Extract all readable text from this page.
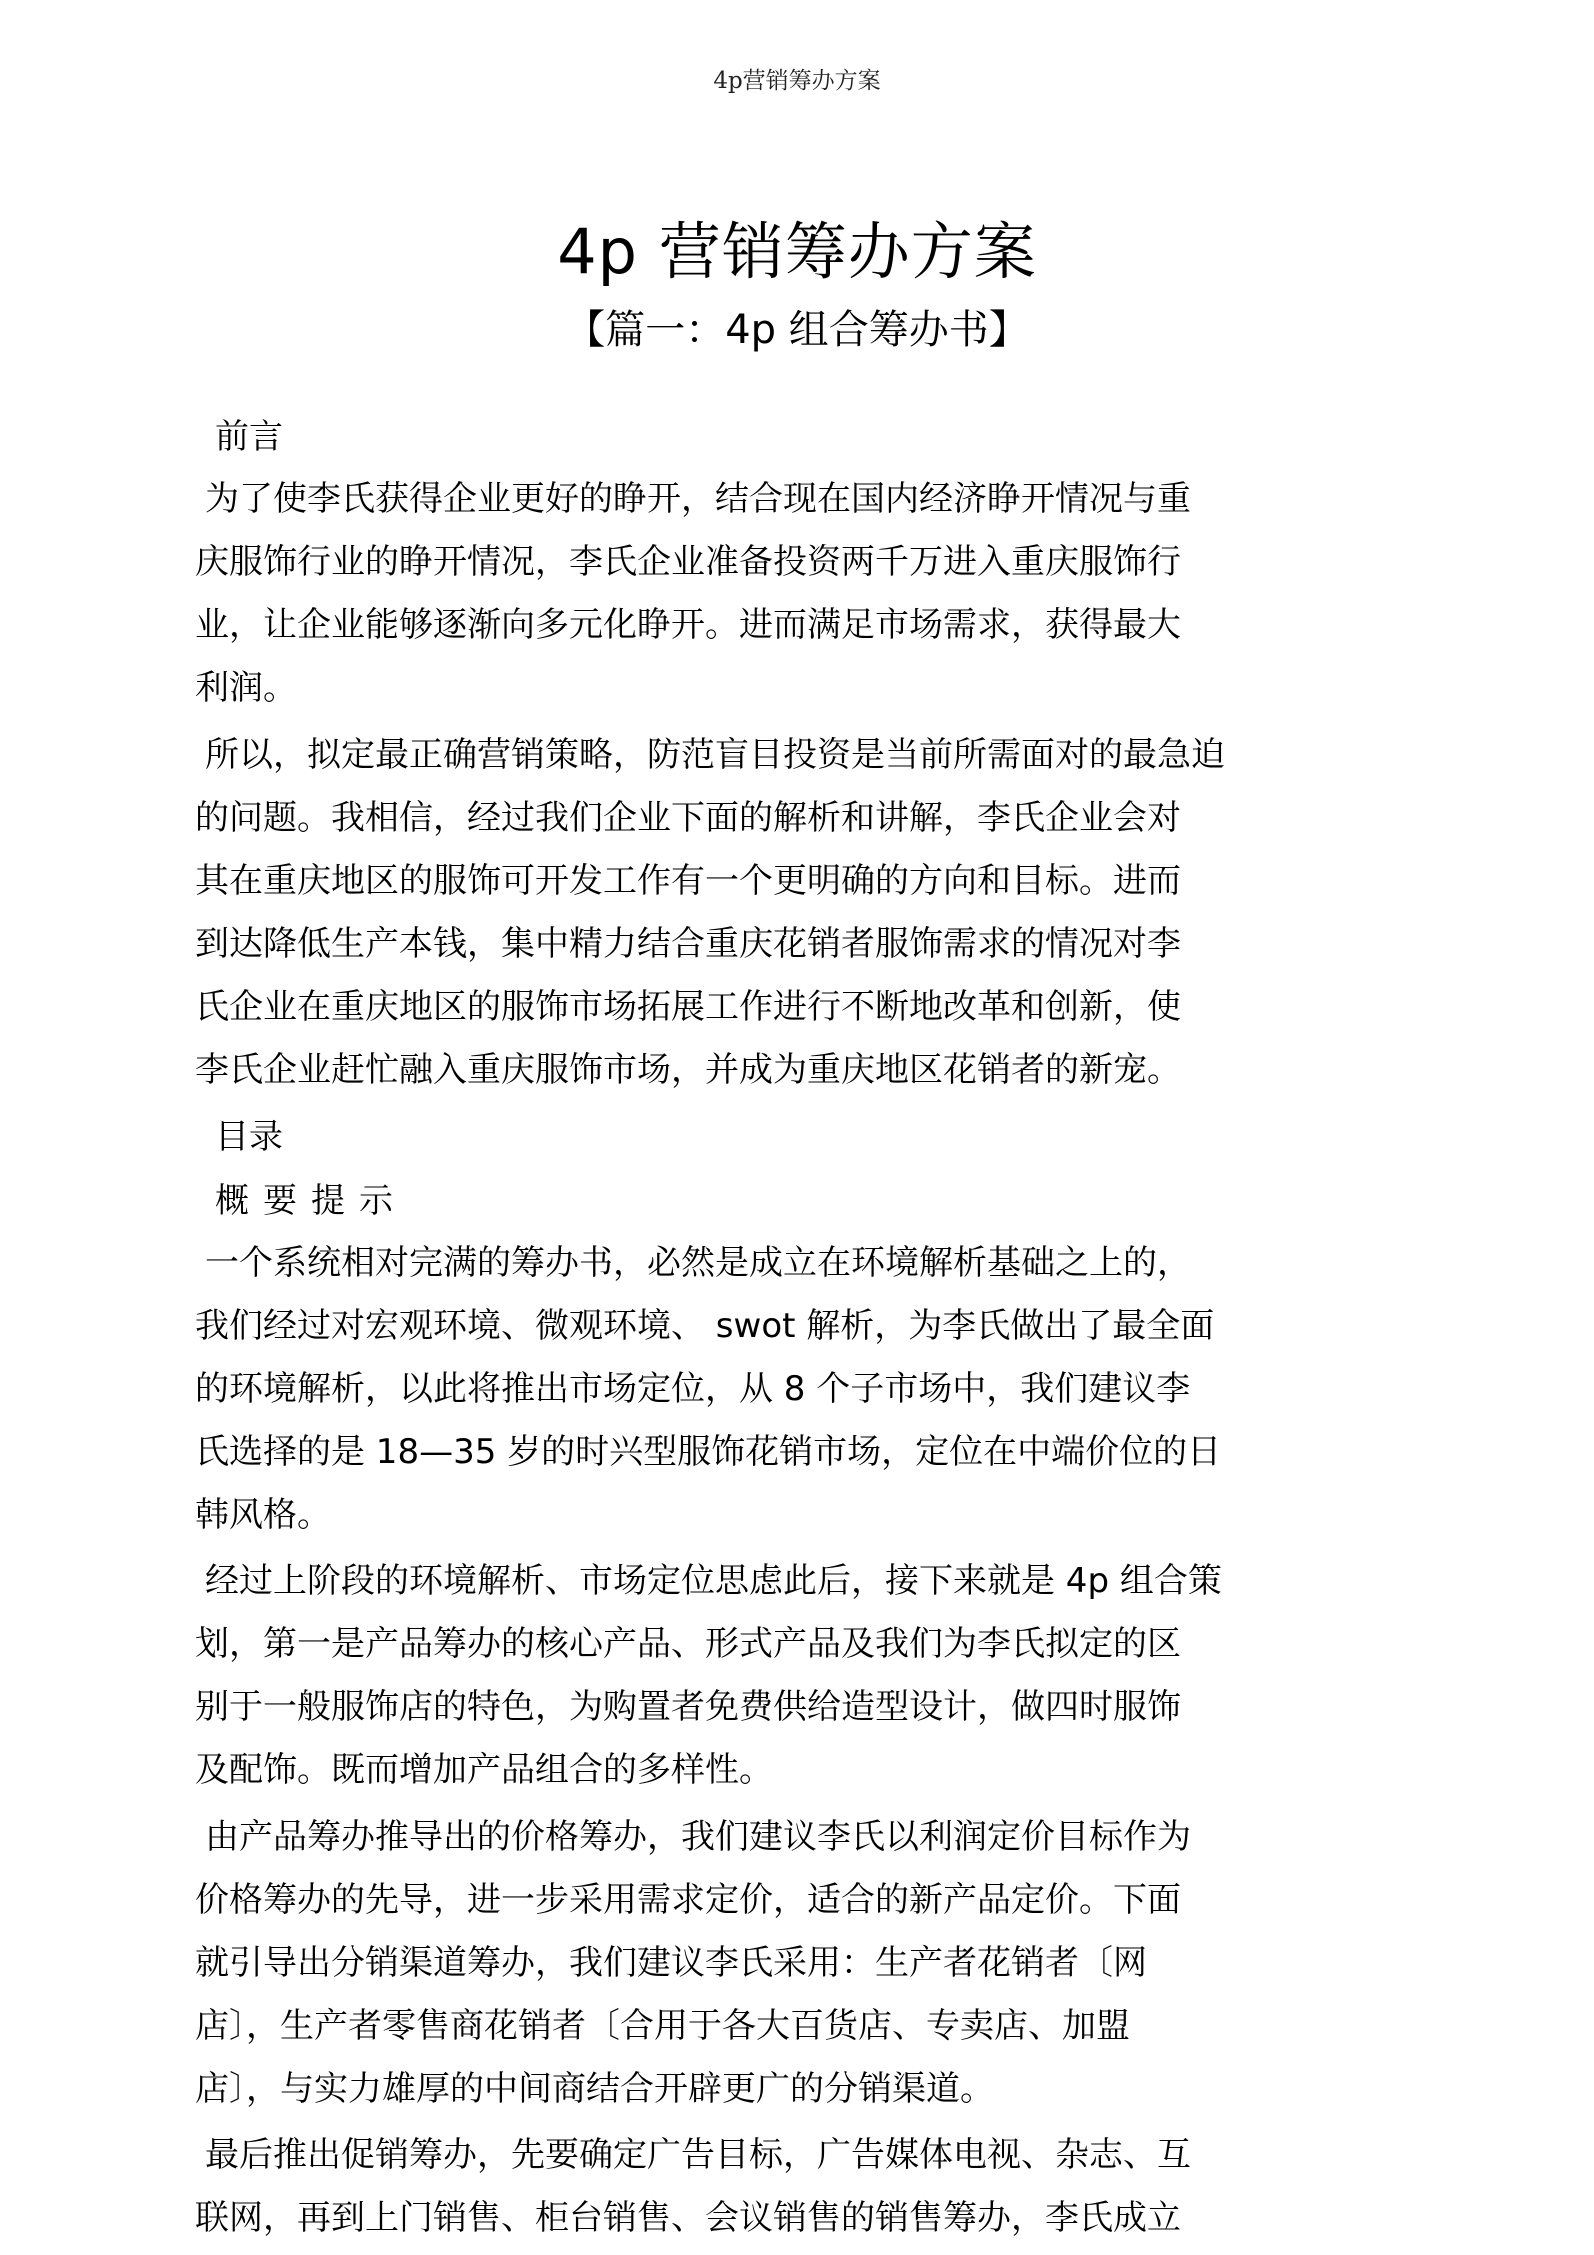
4p营销筹办方案
4p 营销筹办方案
【篇一：4p 组合筹办书】
前言
为了使李氏获得企业更好的睁开，结合现在国内经济睁开情况与重
庆服饰行业的睁开情况，李氏企业准备投资两千万进入重庆服饰行
业，让企业能够逐渐向多元化睁开。进而满足市场需求，获得最大
利润。
所以，拟定最正确营销策略，防范盲目投资是当前所需面对的最急迫
的问题。我相信，经过我们企业下面的解析和讲解，李氏企业会对
其在重庆地区的服饰可开发工作有一个更明确的方向和目标。进而
到达降低生产本钱，集中精力结合重庆花销者服饰需求的情况对李
氏企业在重庆地区的服饰市场拓展工作进行不断地改革和创新，使
李氏企业赶忙融入重庆服饰市场，并成为重庆地区花销者的新宠。
目录
概要提示
一个系统相对完满的筹办书，必然是成立在环境解析基础之上的，
我们经过对宏观环境、微观环境、 swot 解析，为李氏做出了最全面
的环境解析，以此将推出市场定位，从 8 个子市场中，我们建议李
氏选择的是 18—35 岁的时兴型服饰花销市场，定位在中端价位的日
韩风格。
经过上阶段的环境解析、市场定位思虑此后，接下来就是 4p 组合策
划，第一是产品筹办的核心产品、形式产品及我们为李氏拟定的区
别于一般服饰店的特色，为购置者免费供给造型设计，做四时服饰
及配饰。既而增加产品组合的多样性。
由产品筹办推导出的价格筹办，我们建议李氏以利润定价目标作为
价格筹办的先导，进一步采用需求定价，适合的新产品定价。下面
就引导出分销渠道筹办，我们建议李氏采用：生产者花销者〔网
店〕，生产者零售商花销者〔合用于各大百货店、专卖店、加盟
店〕，与实力雄厚的中间商结合开辟更广的分销渠道。
最后推出促销筹办，先要确定广告目标，广告媒体电视、杂志、互
联网，再到上门销售、柜台销售、会议销售的销售筹办，李氏成立
